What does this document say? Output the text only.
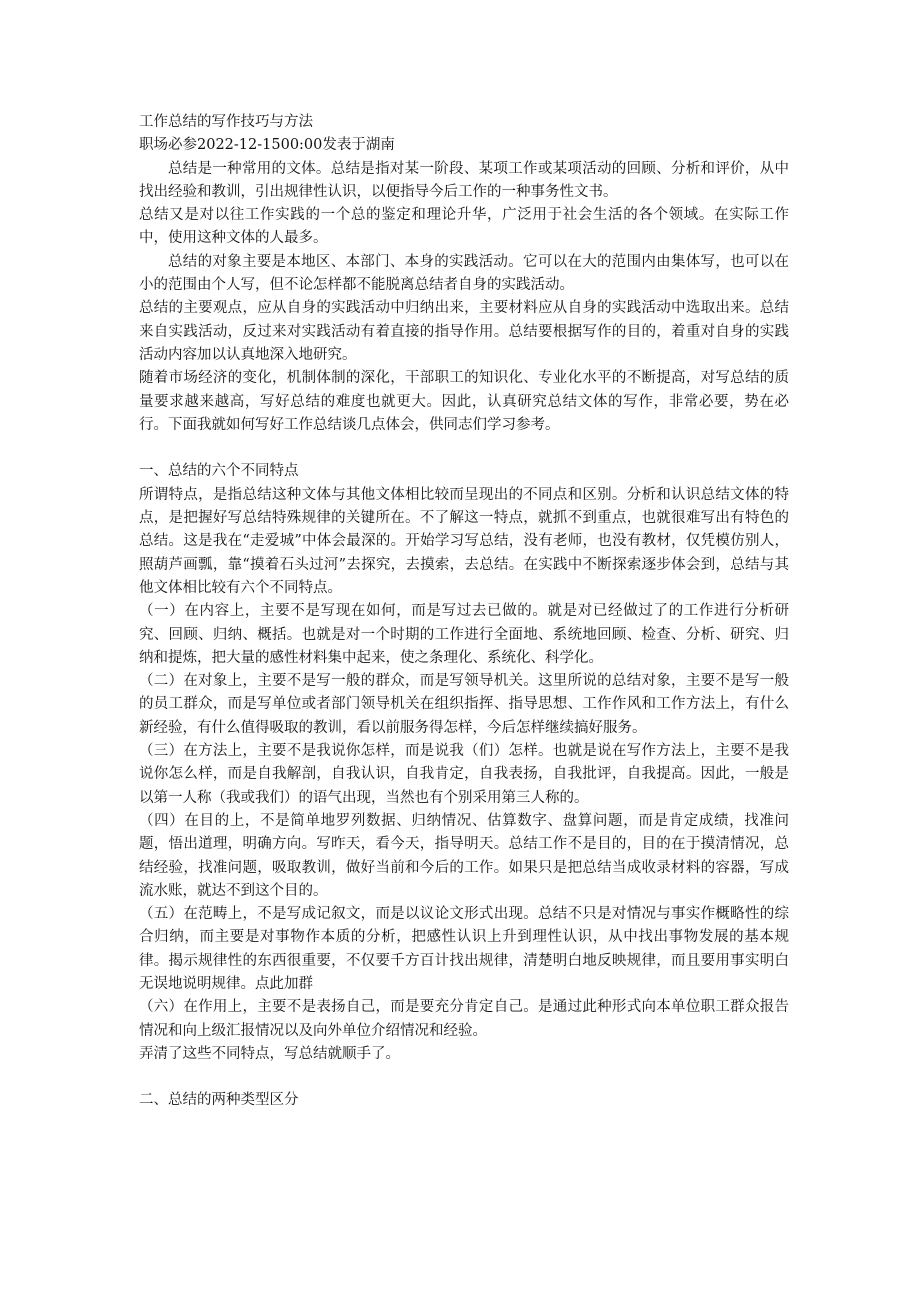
工作总结的写作技巧与方法

职场必参2022-12-1500:00发表于湖南

总结是一种常用的文体。总结是指对某一阶段、某项工作或某项活动的回顾、分析和评价，从中找出经验和教训，引出规律性认识，以便指导今后工作的一种事务性文书。

总结又是对以往工作实践的一个总的鉴定和理论升华，广泛用于社会生活的各个领域。在实际工作中，使用这种文体的人最多。

总结的对象主要是本地区、本部门、本身的实践活动。它可以在大的范围内由集体写，也可以在小的范围由个人写，但不论怎样都不能脱离总结者自身的实践活动。

总结的主要观点，应从自身的实践活动中归纳出来，主要材料应从自身的实践活动中选取出来。总结来自实践活动，反过来对实践活动有着直接的指导作用。总结要根据写作的目的，着重对自身的实践活动内容加以认真地深入地研究。

随着市场经济的变化，机制体制的深化，干部职工的知识化、专业化水平的不断提高，对写总结的质量要求越来越高，写好总结的难度也就更大。因此，认真研究总结文体的写作，非常必要，势在必行。下面我就如何写好工作总结谈几点体会，供同志们学习参考。

一、总结的六个不同特点

所谓特点，是指总结这种文体与其他文体相比较而呈现出的不同点和区别。分析和认识总结文体的特点，是把握好写总结特殊规律的关键所在。不了解这一特点，就抓不到重点，也就很难写出有特色的总结。这是我在“走爱城”中体会最深的。开始学习写总结，没有老师，也没有教材，仅凭模仿别人，照葫芦画瓢，靠“摸着石头过河”去探究，去摸索，去总结。在实践中不断探索逐步体会到，总结与其他文体相比较有六个不同特点。

（一）在内容上，主要不是写现在如何，而是写过去已做的。就是对已经做过了的工作进行分析研究、回顾、归纳、概括。也就是对一个时期的工作进行全面地、系统地回顾、检查、分析、研究、归纳和提炼，把大量的感性材料集中起来，使之条理化、系统化、科学化。

（二）在对象上，主要不是写一般的群众，而是写领导机关。这里所说的总结对象，主要不是写一般的员工群众，而是写单位或者部门领导机关在组织指挥、指导思想、工作作风和工作方法上，有什么新经验，有什么值得吸取的教训，看以前服务得怎样，今后怎样继续搞好服务。

（三）在方法上，主要不是我说你怎样，而是说我（们）怎样。也就是说在写作方法上，主要不是我说你怎么样，而是自我解剖，自我认识，自我肯定，自我表扬，自我批评，自我提高。因此，一般是以第一人称（我或我们）的语气出现，当然也有个别采用第三人称的。

（四）在目的上，不是简单地罗列数据、归纳情况、估算数字、盘算问题，而是肯定成绩，找准问题，悟出道理，明确方向。写昨天，看今天，指导明天。总结工作不是目的，目的在于摸清情况，总结经验，找准问题，吸取教训，做好当前和今后的工作。如果只是把总结当成收录材料的容器，写成流水账，就达不到这个目的。

（五）在范畴上，不是写成记叙文，而是以议论文形式出现。总结不只是对情况与事实作概略性的综合归纳，而主要是对事物作本质的分析，把感性认识上升到理性认识，从中找出事物发展的基本规律。揭示规律性的东西很重要，不仅要千方百计找出规律，清楚明白地反映规律，而且要用事实明白无误地说明规律。点此加群

（六）在作用上，主要不是表扬自己，而是要充分肯定自己。是通过此种形式向本单位职工群众报告情况和向上级汇报情况以及向外单位介绍情况和经验。

弄清了这些不同特点，写总结就顺手了。

二、总结的两种类型区分
